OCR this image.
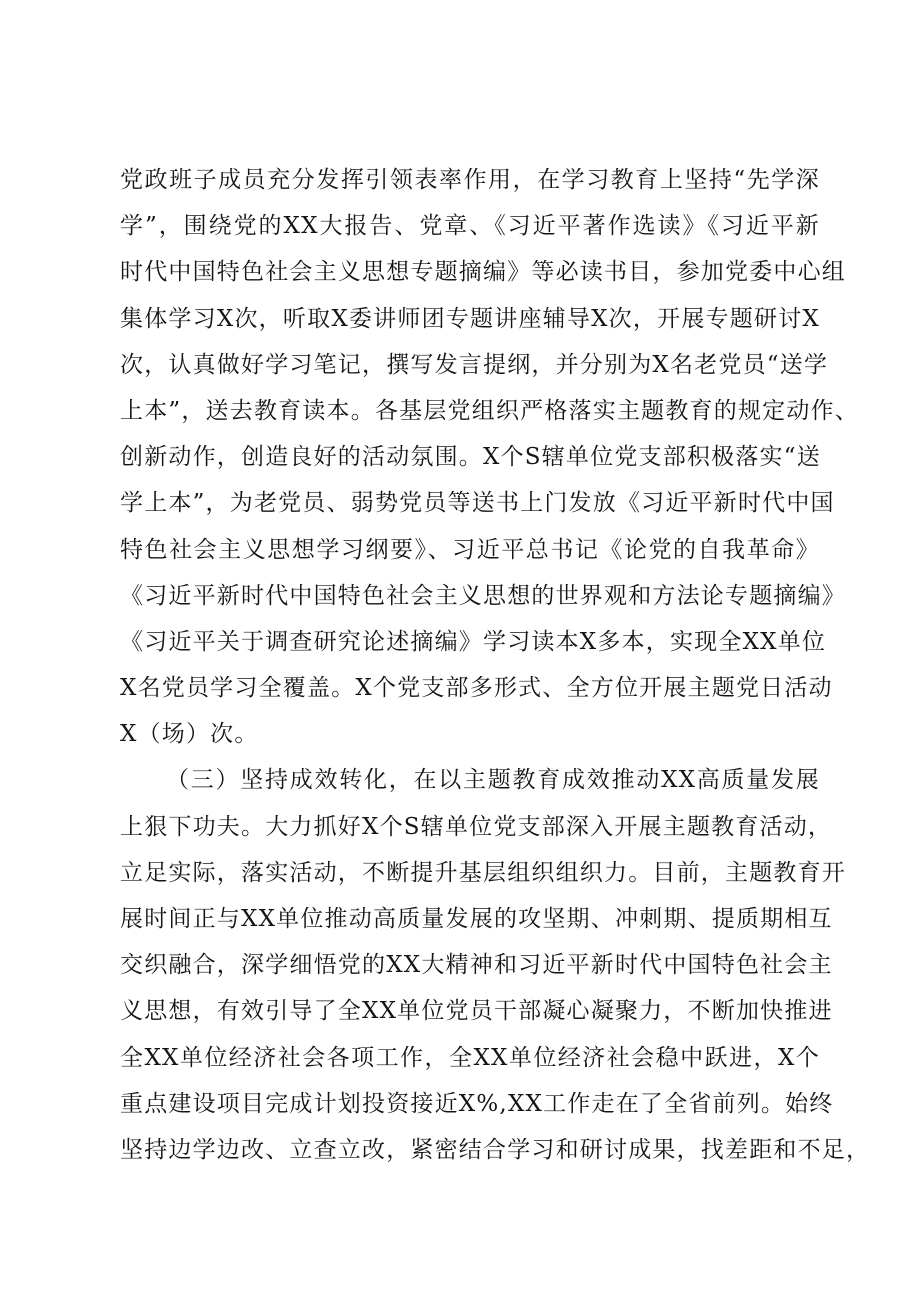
党政班子成员充分发挥引领表率作用，在学习教育上坚持“先学深
学”，围绕党的XX大报告、党章、《习近平著作选读》《习近平新
时代中国特色社会主义思想专题摘编》等必读书目，参加党委中心组
集体学习X次，听取X委讲师团专题讲座辅导X次，开展专题研讨X
次，认真做好学习笔记，撰写发言提纲，并分别为X名老党员“送学
上本”，送去教育读本。各基层党组织严格落实主题教育的规定动作、
创新动作，创造良好的活动氛围。X个S辖单位党支部积极落实“送
学上本”，为老党员、弱势党员等送书上门发放《习近平新时代中国
特色社会主义思想学习纲要》、习近平总书记《论党的自我革命》
《习近平新时代中国特色社会主义思想的世界观和方法论专题摘编》
《习近平关于调查研究论述摘编》学习读本X多本，实现全XX单位
X名党员学习全覆盖。X个党支部多形式、全方位开展主题党日活动
X（场）次。
（三）坚持成效转化，在以主题教育成效推动XX高质量发展
上狠下功夫。大力抓好X个S辖单位党支部深入开展主题教育活动，
立足实际，落实活动，不断提升基层组织组织力。目前，主题教育开
展时间正与XX单位推动高质量发展的攻坚期、冲刺期、提质期相互
交织融合，深学细悟党的XX大精神和习近平新时代中国特色社会主
义思想，有效引导了全XX单位党员干部凝心凝聚力，不断加快推进
全XX单位经济社会各项工作，全XX单位经济社会稳中跃进，X个
重点建设项目完成计划投资接近X%,XX工作走在了全省前列。始终
坚持边学边改、立查立改，紧密结合学习和研讨成果，找差距和不足，
